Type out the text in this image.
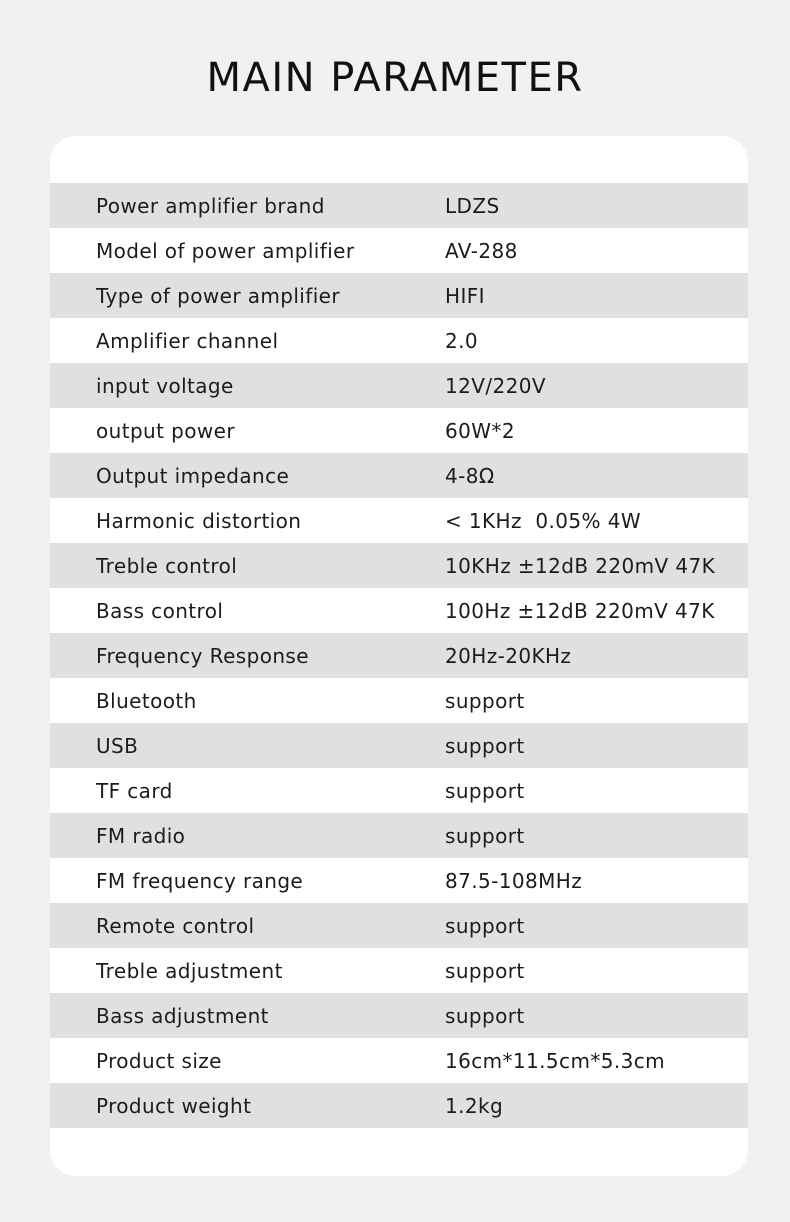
MAIN PARAMETER
Power amplifier brand	LDZS
Model of power amplifier	AV-288
Type of power amplifier	HIFI
Amplifier channel	2.0
input voltage	12V/220V
output power	60W*2
Output impedance	4-8Ω
Harmonic distortion	< 1KHz  0.05% 4W
Treble control	10KHz ±12dB 220mV 47K
Bass control	100Hz ±12dB 220mV 47K
Frequency Response	20Hz-20KHz
Bluetooth	support
USB	support
TF card	support
FM radio	support
FM frequency range	87.5-108MHz
Remote control	support
Treble adjustment	support
Bass adjustment	support
Product size	16cm*11.5cm*5.3cm
Product weight	1.2kg
